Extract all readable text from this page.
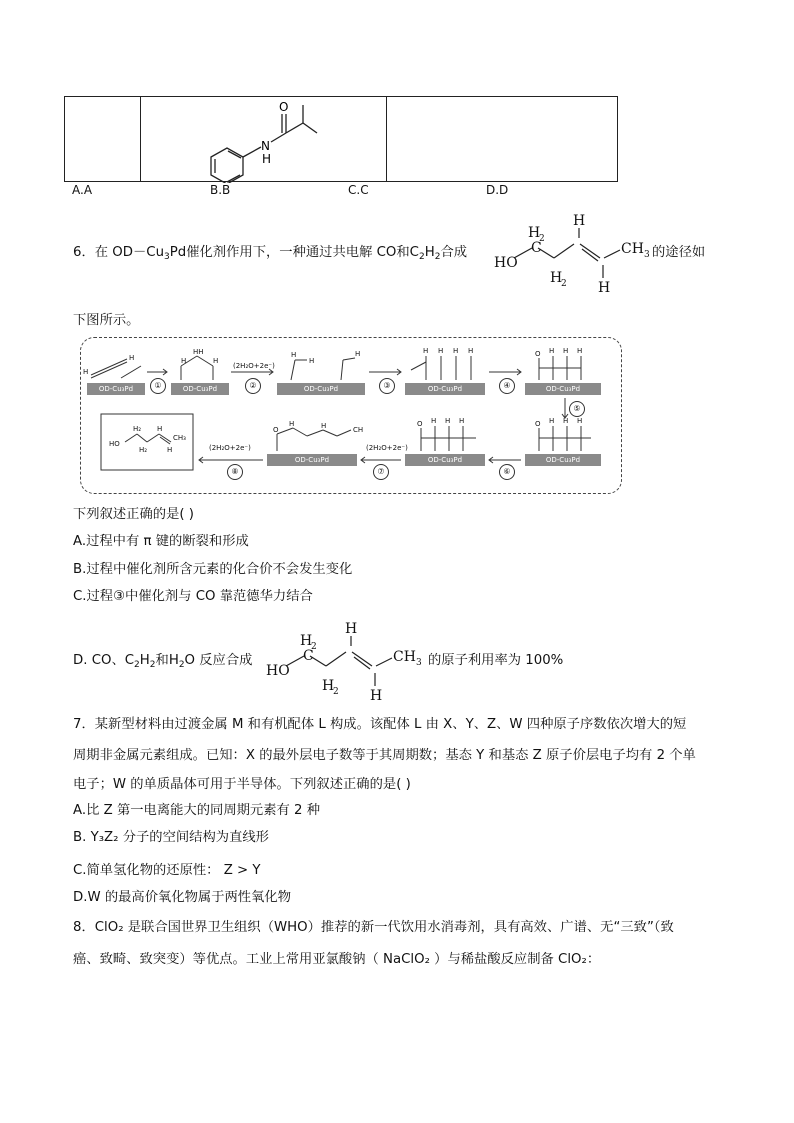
O
N
H

A.A	B.B	C.C	D.D
6．在 $OD-Cu_3Pd$催化剂作用下，一种通过共电解 CO和$C_2H_2$合成
HO
H
2
C
H
2
H
H
CH 3 的途径如
下图所示。
OD-Cu₃Pd	OD-Cu₃Pd	OD-Cu₃Pd	OD-Cu₃Pd	OD-Cu₃Pd
OD-Cu₃Pd
OD-Cu₃Pd
OD-Cu₃Pd
H
H	H	H
HH	H
H
H	H H H H	O H H H
O H H H
O H H H
O
H	H	CH
HO
H₂
H₂
H
CH₃
H
①
(2H₂O+2e⁻)
②	③	④
⑤
⑥
(2H₂O+2e⁻)
⑦
(2H₂O+2e⁻)
⑧
下列叙述正确的是( )
A.过程中有 π 键的断裂和形成
B.过程中催化剂所含元素的化合价不会发生变化
C.过程③中催化剂与 CO 靠范德华力结合
D. CO、$C_2H_2$和$H_2O$ 反应合成
HO
H
2
C
H
2
H
H
CH 3 的原子利用率为 100%
7．某新型材料由过渡金属 M 和有机配体 L 构成。该配体 L 由 X、Y、Z、W 四种原子序数依次增大的短
周期非金属元素组成。已知：X 的最外层电子数等于其周期数；基态 Y 和基态 Z 原子价层电子均有 2 个单
电子；W 的单质晶体可用于半导体。下列叙述正确的是( )
A.比 Z 第一电离能大的同周期元素有 2 种
B. Y₃Z₂ 分子的空间结构为直线形
C.简单氢化物的还原性： Z > Y
D.W 的最高价氧化物属于两性氧化物
8．ClO₂ 是联合国世界卫生组织（WHO）推荐的新一代饮用水消毒剂，具有高效、广谱、无“三致”（致
癌、致畸、致突变）等优点。工业上常用亚氯酸钠（ NaClO₂ ）与稀盐酸反应制备 ClO₂：
